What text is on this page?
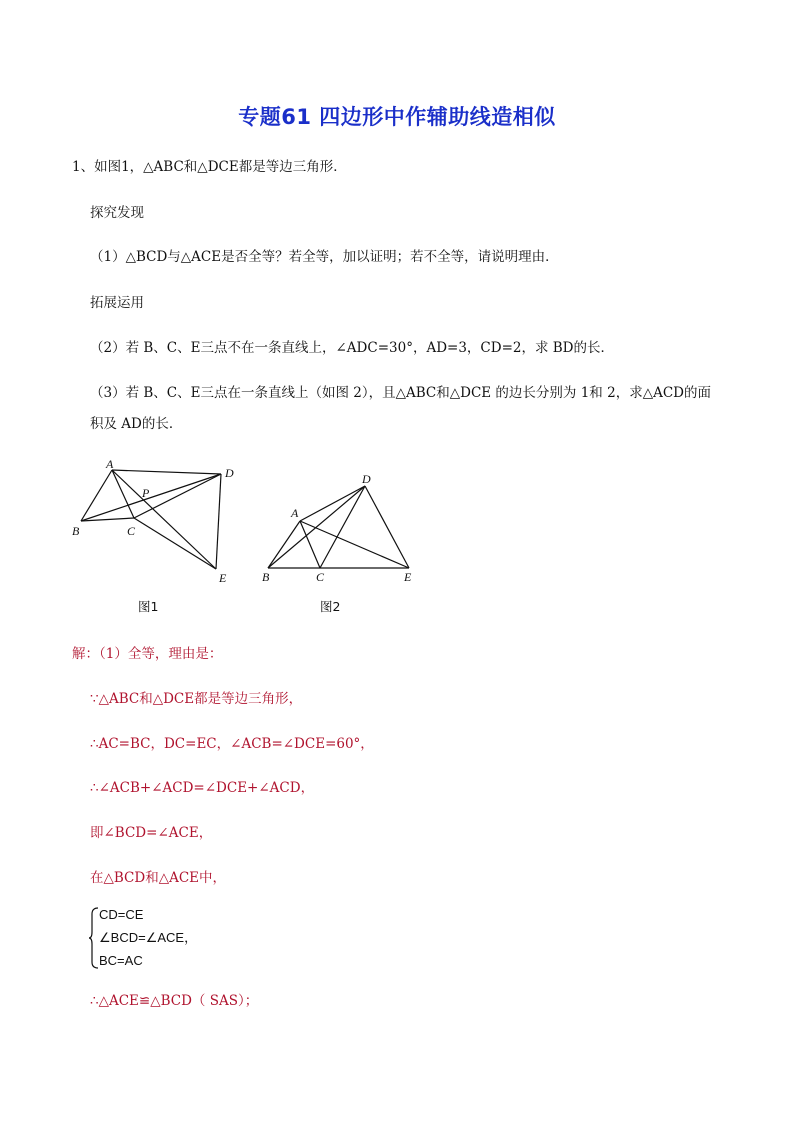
专题61 四边形中作辅助线造相似
1、如图1，△ABC和△DCE都是等边三角形．
探究发现
（1）△BCD与△ACE是否全等？若全等，加以证明；若不全等，请说明理由．
拓展运用
（2）若 B、C、E三点不在一条直线上，∠ADC=30°，AD=3，CD=2，求 BD的长．
（3）若 B、C、E三点在一条直线上（如图 2），且△ABC和△DCE 的边长分别为 1和 2，求△ACD的面
积及 AD的长．
A
B	C
D
E
P
D
A
B	C	E
图1	图2
解：（1）全等，理由是：
∵△ABC和△DCE都是等边三角形，
∴AC=BC，DC=EC，∠ACB=∠DCE=60°，
∴∠ACB+∠ACD=∠DCE+∠ACD，
即∠BCD=∠ACE，
在△BCD和△ACE中，
CD=CE
∠BCD=∠ACE，
BC=AC
∴△ACE≌△BCD（ SAS）；
